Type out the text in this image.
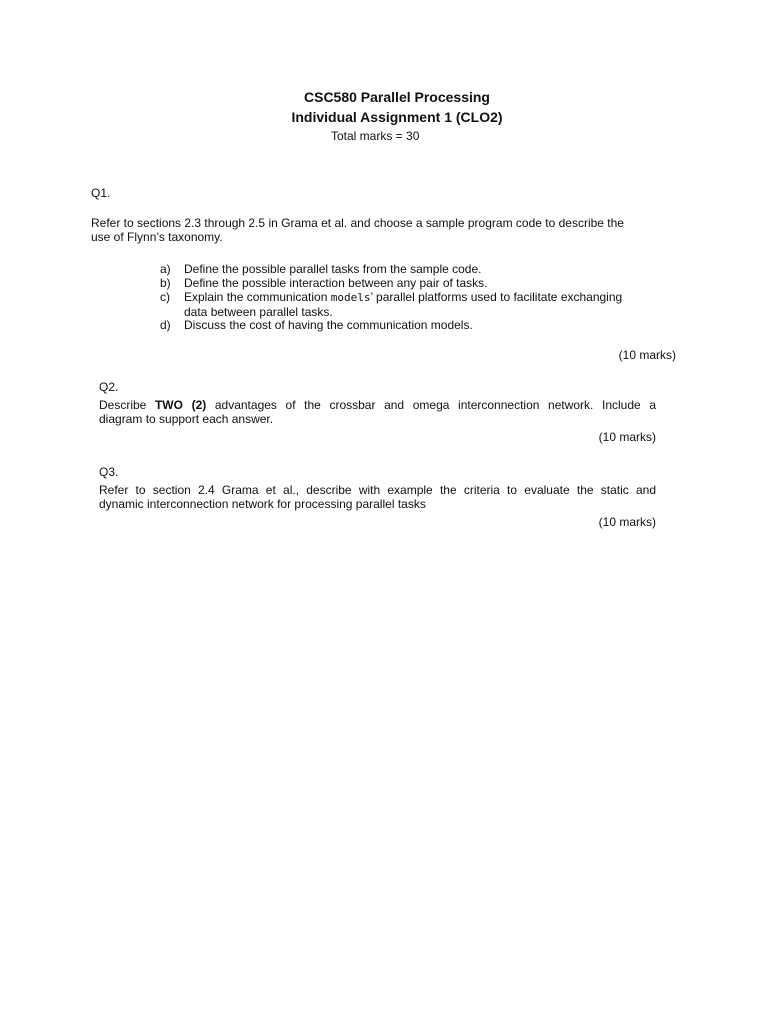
CSC580 Parallel Processing
Individual Assignment 1 (CLO2)
Total marks = 30
Q1.
Refer to sections 2.3 through 2.5 in Grama et al. and choose a sample program code to describe the
use of Flynn’s taxonomy.
a)	Define the possible parallel tasks from the sample code.
b)	Define the possible interaction between any pair of tasks.
c)	Explain the communication models’ parallel platforms used to facilitate exchanging
data between parallel tasks.
d)	Discuss the cost of having the communication models.
(10 marks)
Q2.
Describe TWO (2) advantages of the crossbar and omega interconnection network. Include a
diagram to support each answer.
(10 marks)
Q3.
Refer to section 2.4 Grama et al., describe with example the criteria to evaluate the static and
dynamic interconnection network for processing parallel tasks
(10 marks)
